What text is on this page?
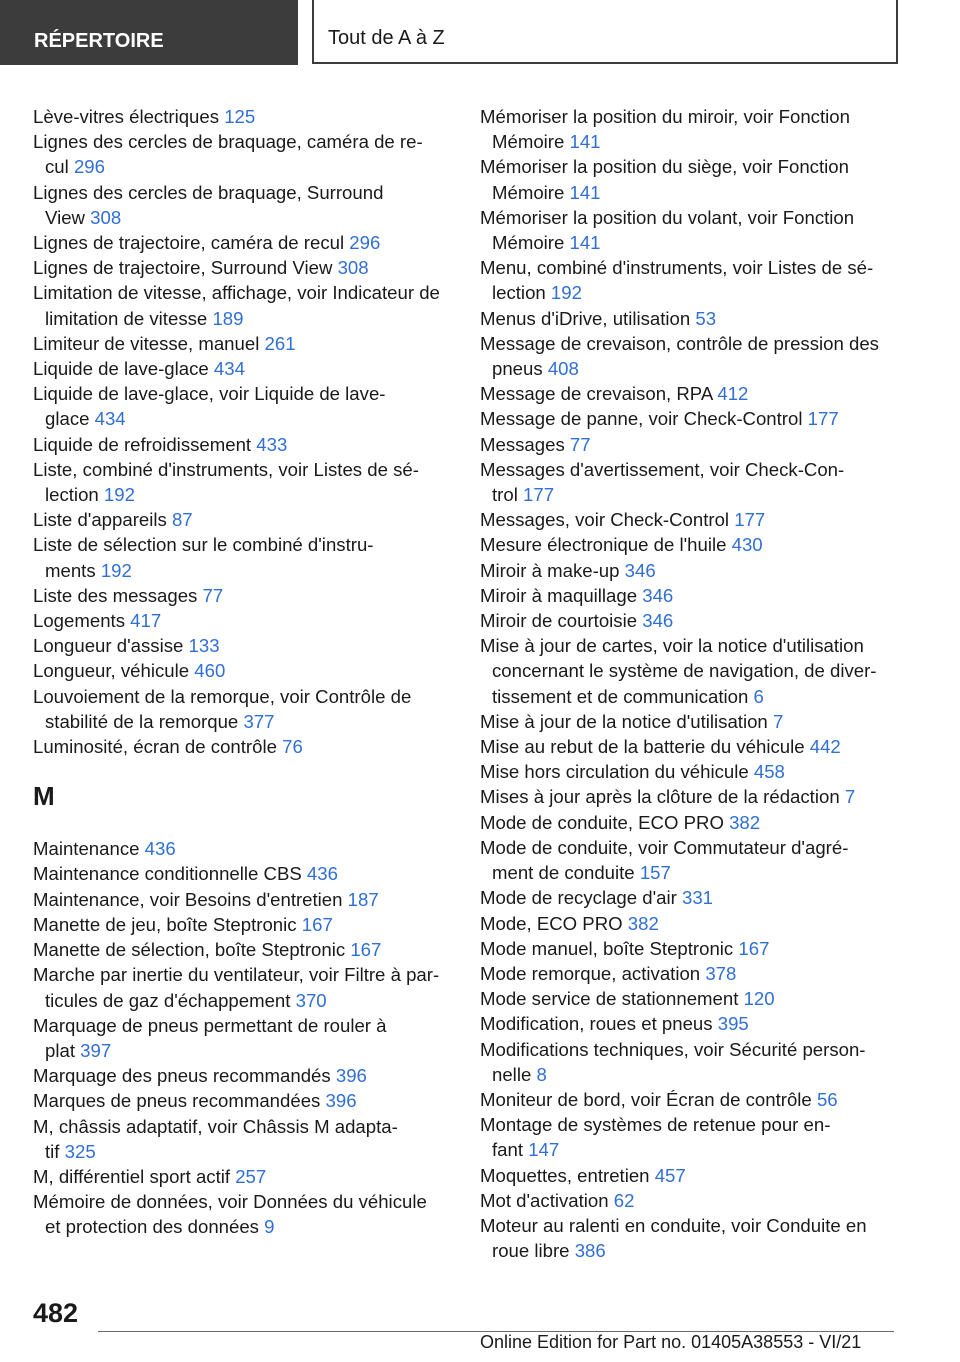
RÉPERTOIRE	Tout de A à Z
Lève-vitres électriques 125
Lignes des cercles de braquage, caméra de re-
cul 296
Lignes des cercles de braquage, Surround
View 308
Lignes de trajectoire, caméra de recul 296
Lignes de trajectoire, Surround View 308
Limitation de vitesse, affichage, voir Indicateur de
limitation de vitesse 189
Limiteur de vitesse, manuel 261
Liquide de lave-glace 434
Liquide de lave-glace, voir Liquide de lave-
glace 434
Liquide de refroidissement 433
Liste, combiné d'instruments, voir Listes de sé-
lection 192
Liste d'appareils 87
Liste de sélection sur le combiné d'instru-
ments 192
Liste des messages 77
Logements 417
Longueur d'assise 133
Longueur, véhicule 460
Louvoiement de la remorque, voir Contrôle de
stabilité de la remorque 377
Luminosité, écran de contrôle 76
M
Maintenance 436
Maintenance conditionnelle CBS 436
Maintenance, voir Besoins d'entretien 187
Manette de jeu, boîte Steptronic 167
Manette de sélection, boîte Steptronic 167
Marche par inertie du ventilateur, voir Filtre à par-
ticules de gaz d'échappement 370
Marquage de pneus permettant de rouler à
plat 397
Marquage des pneus recommandés 396
Marques de pneus recommandées 396
M, châssis adaptatif, voir Châssis M adapta-
tif 325
M, différentiel sport actif 257
Mémoire de données, voir Données du véhicule
et protection des données 9
Mémoriser la position du miroir, voir Fonction
Mémoire 141
Mémoriser la position du siège, voir Fonction
Mémoire 141
Mémoriser la position du volant, voir Fonction
Mémoire 141
Menu, combiné d'instruments, voir Listes de sé-
lection 192
Menus d'iDrive, utilisation 53
Message de crevaison, contrôle de pression des
pneus 408
Message de crevaison, RPA 412
Message de panne, voir Check-Control 177
Messages 77
Messages d'avertissement, voir Check-Con-
trol 177
Messages, voir Check-Control 177
Mesure électronique de l'huile 430
Miroir à make-up 346
Miroir à maquillage 346
Miroir de courtoisie 346
Mise à jour de cartes, voir la notice d'utilisation
concernant le système de navigation, de diver-
tissement et de communication 6
Mise à jour de la notice d'utilisation 7
Mise au rebut de la batterie du véhicule 442
Mise hors circulation du véhicule 458
Mises à jour après la clôture de la rédaction 7
Mode de conduite, ECO PRO 382
Mode de conduite, voir Commutateur d'agré-
ment de conduite 157
Mode de recyclage d'air 331
Mode, ECO PRO 382
Mode manuel, boîte Steptronic 167
Mode remorque, activation 378
Mode service de stationnement 120
Modification, roues et pneus 395
Modifications techniques, voir Sécurité person-
nelle 8
Moniteur de bord, voir Écran de contrôle 56
Montage de systèmes de retenue pour en-
fant 147
Moquettes, entretien 457
Mot d'activation 62
Moteur au ralenti en conduite, voir Conduite en
roue libre 386
482
Online Edition for Part no. 01405A38553 - VI/21
